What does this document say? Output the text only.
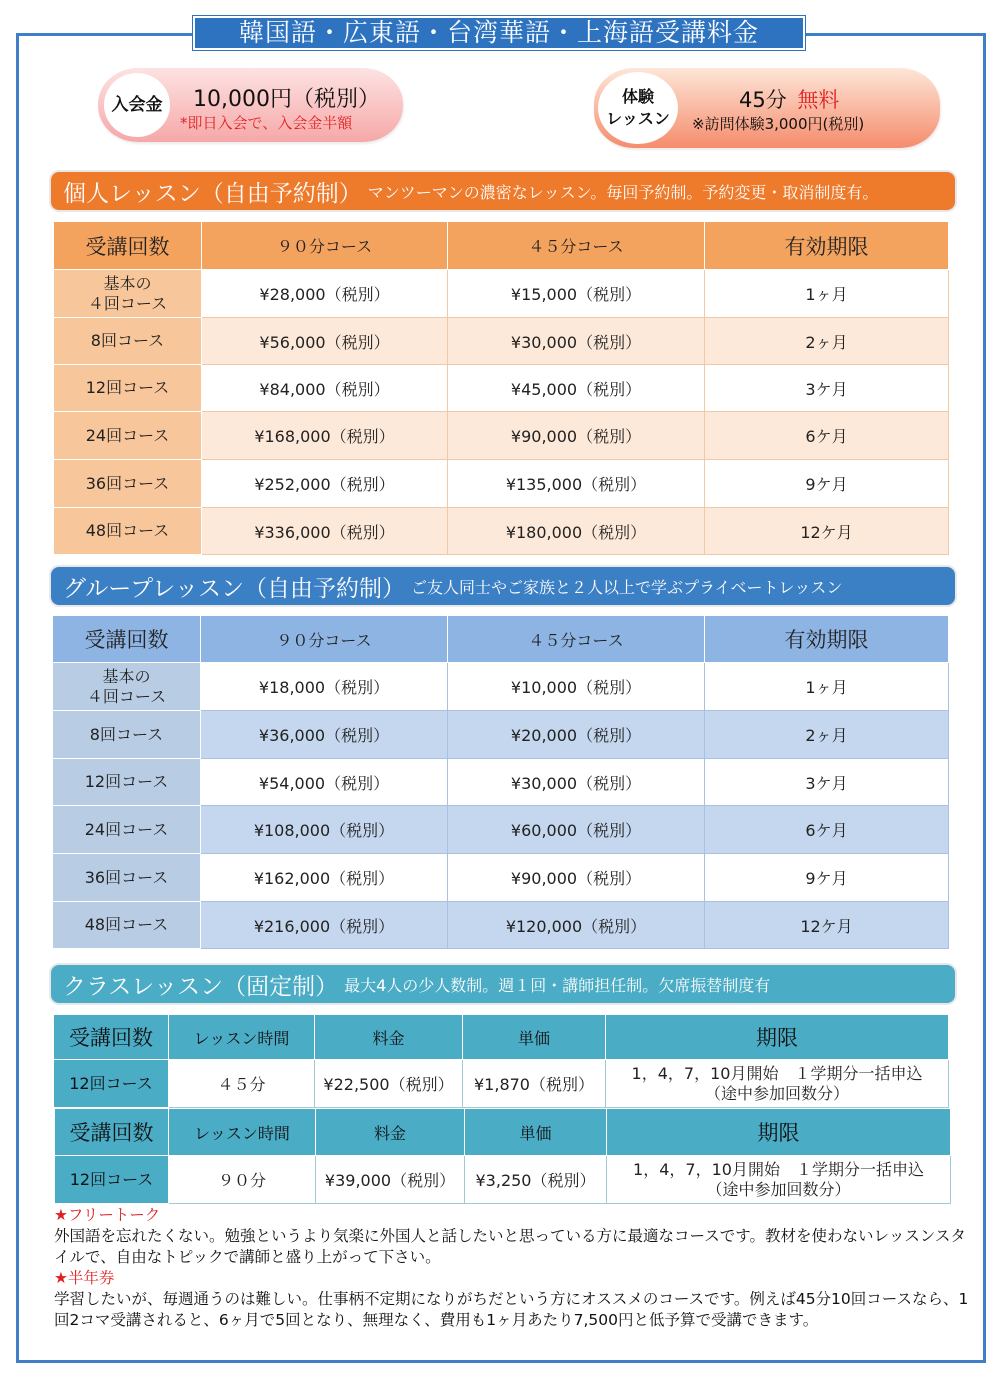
韓国語・広東語・台湾華語・上海語受講料金
入会金 10,000円（税別）
*即日入会で、入会金半額
体験
レッスン
45分 無料
※訪問体験3,000円(税別)
個人レッスン（自由予約制） マンツーマンの濃密なレッスン。毎回予約制。予約変更・取消制度有。
受講回数	９０分コース	４５分コース	有効期限
基本の
４回コース	¥28,000（税別）	¥15,000（税別）	1ヶ月
8回コース	¥56,000（税別）	¥30,000（税別）	2ヶ月
12回コース	¥84,000（税別）	¥45,000（税別）	3ケ月
24回コース	¥168,000（税別）	¥90,000（税別）	6ケ月
36回コース	¥252,000（税別）	¥135,000（税別）	9ケ月
48回コース	¥336,000（税別）	¥180,000（税別）	12ケ月
グループレッスン（自由予約制） ご友人同士やご家族と２人以上で学ぶプライベートレッスン
受講回数	９０分コース	４５分コース	有効期限
基本の
４回コース	¥18,000（税別）	¥10,000（税別）	1ヶ月
8回コース	¥36,000（税別）	¥20,000（税別）	2ヶ月
12回コース	¥54,000（税別）	¥30,000（税別）	3ケ月
24回コース	¥108,000（税別）	¥60,000（税別）	6ケ月
36回コース	¥162,000（税別）	¥90,000（税別）	9ケ月
48回コース	¥216,000（税別）	¥120,000（税別）	12ケ月
クラスレッスン（固定制） 最大4人の少人数制。週１回・講師担任制。欠席振替制度有
受講回数	レッスン時間	料金	単価	期限
12回コース	４５分	¥22,500（税別）	¥1,870（税別）	1，4，7，10月開始　１学期分一括申込
（途中参加回数分）
受講回数	レッスン時間	料金	単価	期限
12回コース	９０分	¥39,000（税別）	¥3,250（税別）	1，4，7，10月開始　１学期分一括申込
（途中参加回数分）
★フリートーク
外国語を忘れたくない。勉強というより気楽に外国人と話したいと思っている方に最適なコースです。教材を使わないレッスンスタイルで、自由なトピックで講師と盛り上がって下さい。
★半年券
学習したいが、毎週通うのは難しい。仕事柄不定期になりがちだという方にオススメのコースです。例えば45分10回コースなら、1回2コマ受講されると、6ヶ月で5回となり、無理なく、費用も1ヶ月あたり7,500円と低予算で受講できます。
